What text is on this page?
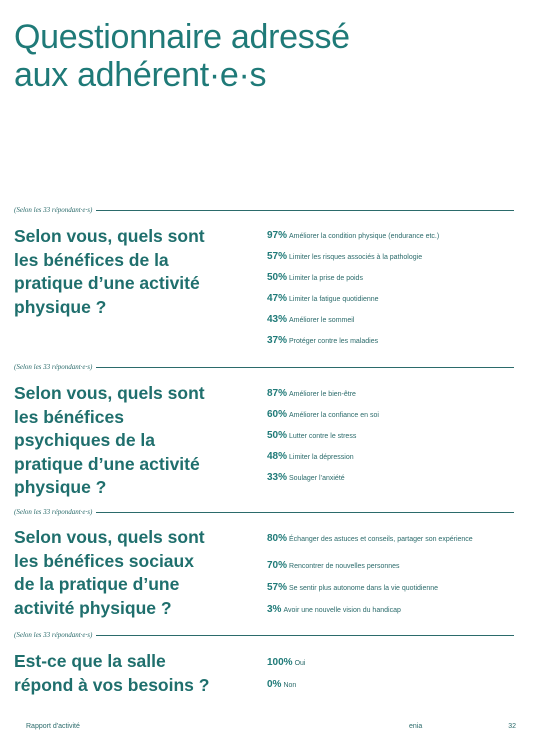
Questionnaire adressé
aux adhérent·e·s
(Selon les 33 répondant·e·s)
Selon vous, quels sont
les bénéfices de la
pratique d’une activité
physique ?
97% Améliorer la condition physique (endurance etc.)
57% Limiter les risques associés à la pathologie
50% Limiter la prise de poids
47% Limiter la fatigue quotidienne
43% Améliorer le sommeil
37% Protéger contre les maladies
(Selon les 33 répondant·e·s)
Selon vous, quels sont
les bénéfices
psychiques de la
pratique d’une activité
physique ?
87% Améliorer le bien-être
60% Améliorer la confiance en soi
50% Lutter contre le stress
48% Limiter la dépression
33% Soulager l’anxiété
(Selon les 33 répondant·e·s)
Selon vous, quels sont
les bénéfices sociaux
de la pratique d’une
activité physique ?
80% Échanger des astuces et conseils, partager son expérience
70% Rencontrer de nouvelles personnes
57% Se sentir plus autonome dans la vie quotidienne
3% Avoir une nouvelle vision du handicap
(Selon les 33 répondant·e·s)
Est-ce que la salle
répond à vos besoins ?
100% Oui
0% Non
Rapport d'activité	enia	32
